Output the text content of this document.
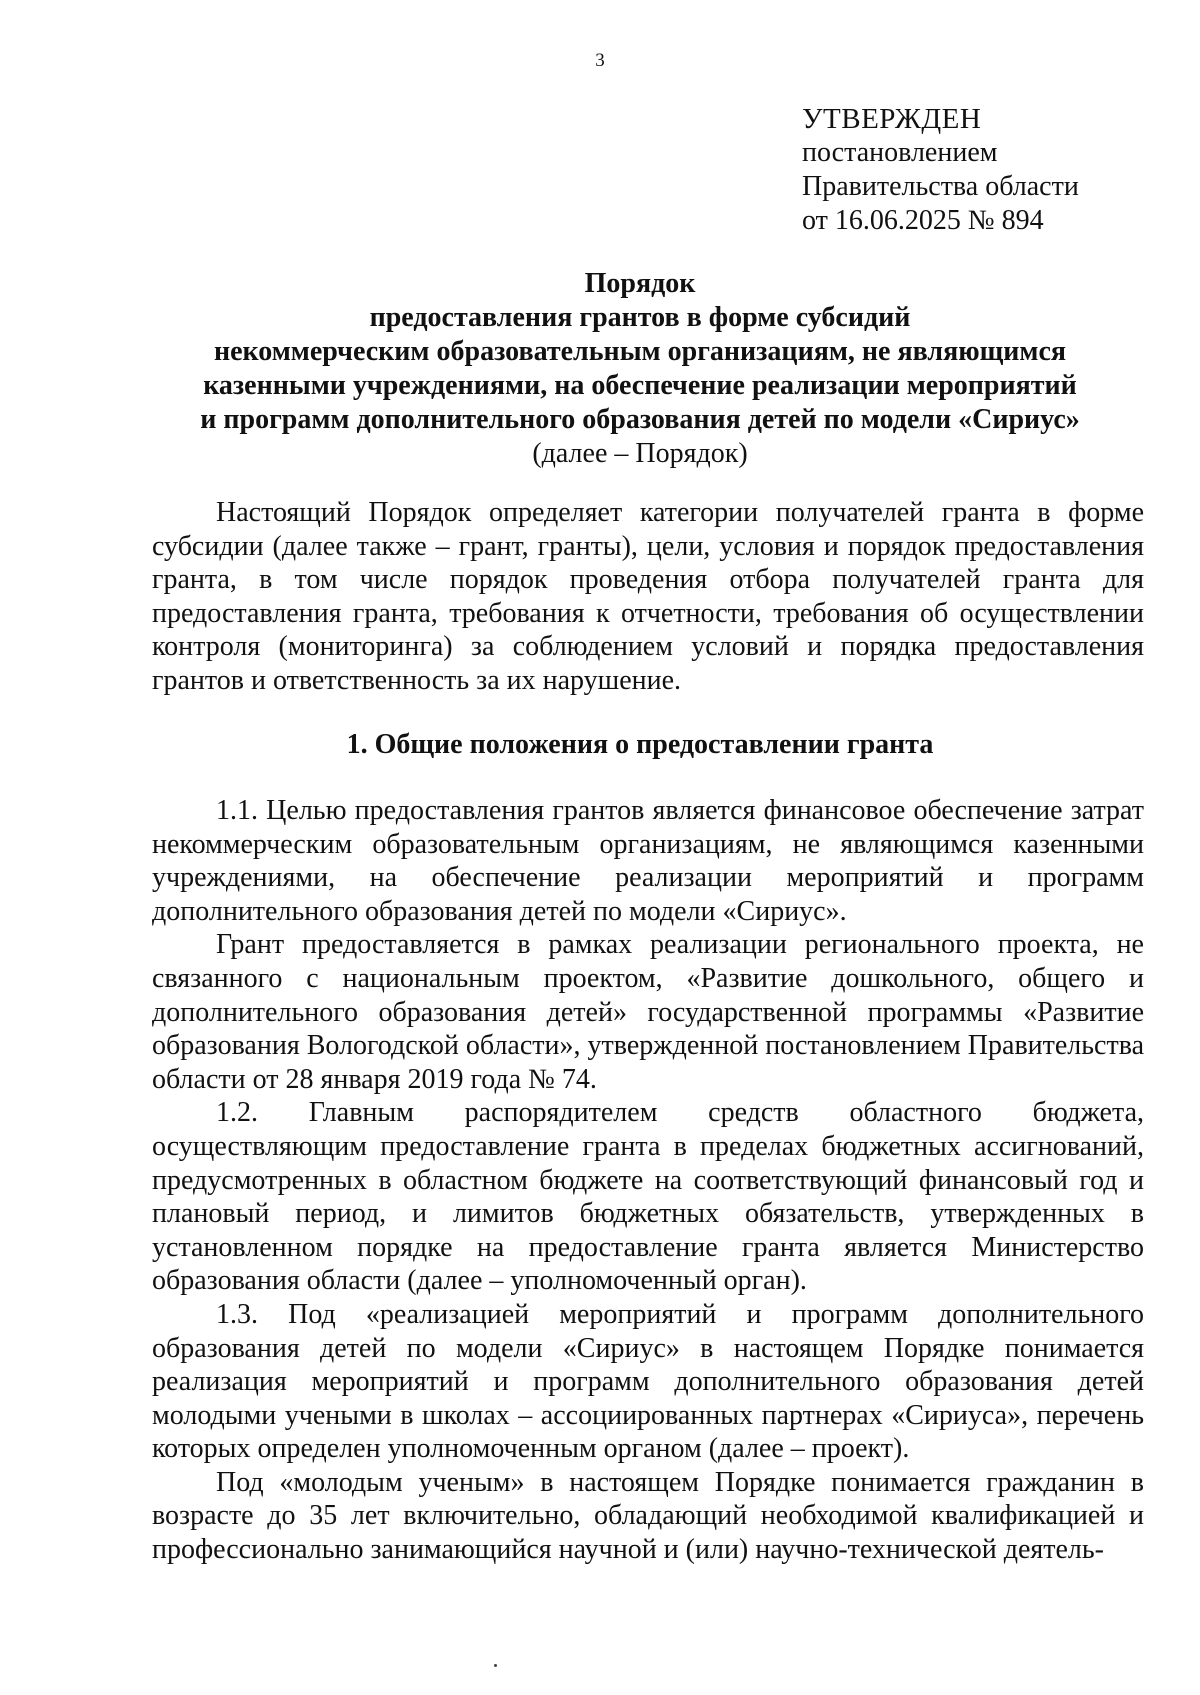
3
УТВЕРЖДЕН
постановлением
Правительства области
от 16.06.2025 № 894
Порядок
предоставления грантов в форме субсидий
некоммерческим образовательным организациям, не являющимся
казенными учреждениями, на обеспечение реализации мероприятий
и программ дополнительного образования детей по модели «Сириус»
(далее – Порядок)

Настоящий Порядок определяет категории получателей гранта в форме субсидии (далее также – грант, гранты), цели, условия и порядок предоставления гранта, в том числе порядок проведения отбора получателей гранта для предоставления гранта, требования к отчетности, требования об осуществлении контроля (мониторинга) за соблюдением условий и порядка предоставления грантов и ответственность за их нарушение.

1. Общие положения о предоставлении гранта

1.1. Целью предоставления грантов является финансовое обеспечение затрат некоммерческим образовательным организациям, не являющимся казенными учреждениями, на обеспечение реализации мероприятий и программ дополнительного образования детей по модели «Сириус».

Грант предоставляется в рамках реализации регионального проекта, не связанного с национальным проектом, «Развитие дошкольного, общего и дополнительного образования детей» государственной программы «Развитие образования Вологодской области», утвержденной постановлением Правительства области от 28 января 2019 года № 74.

1.2. Главным распорядителем средств областного бюджета, осуществляющим предоставление гранта в пределах бюджетных ассигнований, предусмотренных в областном бюджете на соответствующий финансовый год и плановый период, и лимитов бюджетных обязательств, утвержденных в установленном порядке на предоставление гранта является Министерство образования области (далее – уполномоченный орган).

1.3. Под «реализацией мероприятий и программ дополнительного образования детей по модели «Сириус» в настоящем Порядке понимается реализация мероприятий и программ дополнительного образования детей молодыми учеными в школах – ассоциированных партнерах «Сириуса», перечень которых определен уполномоченным органом (далее – проект).

Под «молодым ученым» в настоящем Порядке понимается гражданин в возрасте до 35 лет включительно, обладающий необходимой квалификацией и профессионально занимающийся научной и (или) научно-технической деятель-
